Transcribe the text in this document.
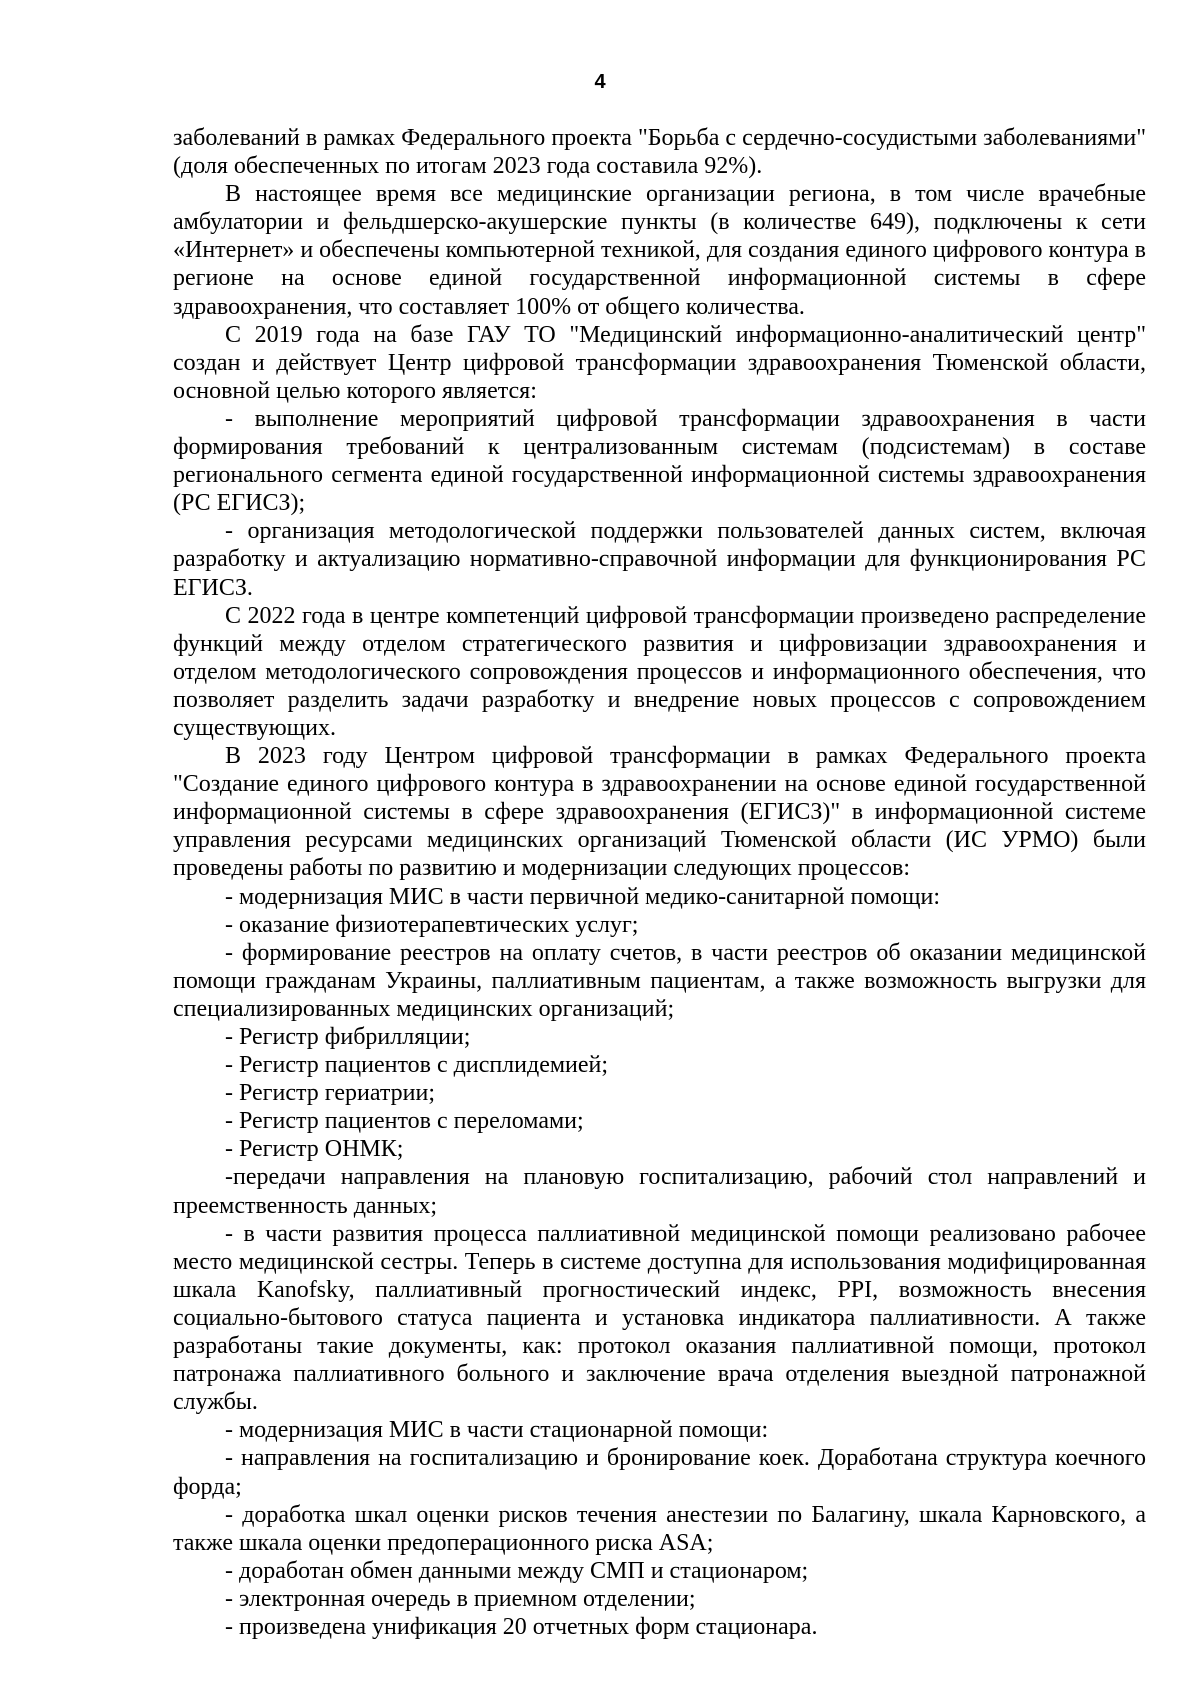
4

заболеваний в рамках Федерального проекта "Борьба с сердечно-сосудистыми заболеваниями" (доля обеспеченных по итогам 2023 года составила 92%).

В настоящее время все медицинские организации региона, в том числе врачебные амбулатории и фельдшерско-акушерские пункты (в количестве 649), подключены к сети «Интернет» и обеспечены компьютерной техникой, для создания единого цифрового контура в регионе на основе единой государственной информационной системы в сфере здравоохранения, что составляет 100% от общего количества.

С 2019 года на базе ГАУ ТО "Медицинский информационно-аналитический центр" создан и действует Центр цифровой трансформации здравоохранения Тюменской области, основной целью которого является:

- выполнение мероприятий цифровой трансформации здравоохранения в части формирования требований к централизованным системам (подсистемам) в составе регионального сегмента единой государственной информационной системы здравоохранения (РС ЕГИСЗ);

- организация методологической поддержки пользователей данных систем, включая разработку и актуализацию нормативно-справочной информации для функционирования РС ЕГИСЗ.

С 2022 года в центре компетенций цифровой трансформации произведено распределение функций между отделом стратегического развития и цифровизации здравоохранения и отделом методологического сопровождения процессов и информационного обеспечения, что позволяет разделить задачи разработку и внедрение новых процессов с сопровождением существующих.

В 2023 году Центром цифровой трансформации в рамках Федерального проекта "Создание единого цифрового контура в здравоохранении на основе единой государственной информационной системы в сфере здравоохранения (ЕГИСЗ)" в информационной системе управления ресурсами медицинских организаций Тюменской области (ИС УРМО) были проведены работы по развитию и модернизации следующих процессов:

- модернизация МИС в части первичной медико-санитарной помощи:

- оказание физиотерапевтических услуг;

- формирование реестров на оплату счетов, в части реестров об оказании медицинской помощи гражданам Украины, паллиативным пациентам, а также возможность выгрузки для специализированных медицинских организаций;

- Регистр фибрилляции;

- Регистр пациентов с дисплидемией;

- Регистр гериатрии;

- Регистр пациентов с переломами;

- Регистр ОНМК;

-передачи направления на плановую госпитализацию, рабочий стол направлений и преемственность данных;

- в части развития процесса паллиативной медицинской помощи реализовано рабочее место медицинской сестры. Теперь в системе доступна для использования модифицированная шкала Kanofsky, паллиативный прогностический индекс, PPI, возможность внесения социально-бытового статуса пациента и установка индикатора паллиативности. А также разработаны такие документы, как: протокол оказания паллиативной помощи, протокол патронажа паллиативного больного и заключение врача отделения выездной патронажной службы.

- модернизация МИС в части стационарной помощи:

- направления на госпитализацию и бронирование коек. Доработана структура коечного форда;

- доработка шкал оценки рисков течения анестезии по Балагину, шкала Карновского, а также шкала оценки предоперационного риска ASA;

- доработан обмен данными между СМП и стационаром;

- электронная очередь в приемном отделении;

- произведена унификация 20 отчетных форм стационара.
